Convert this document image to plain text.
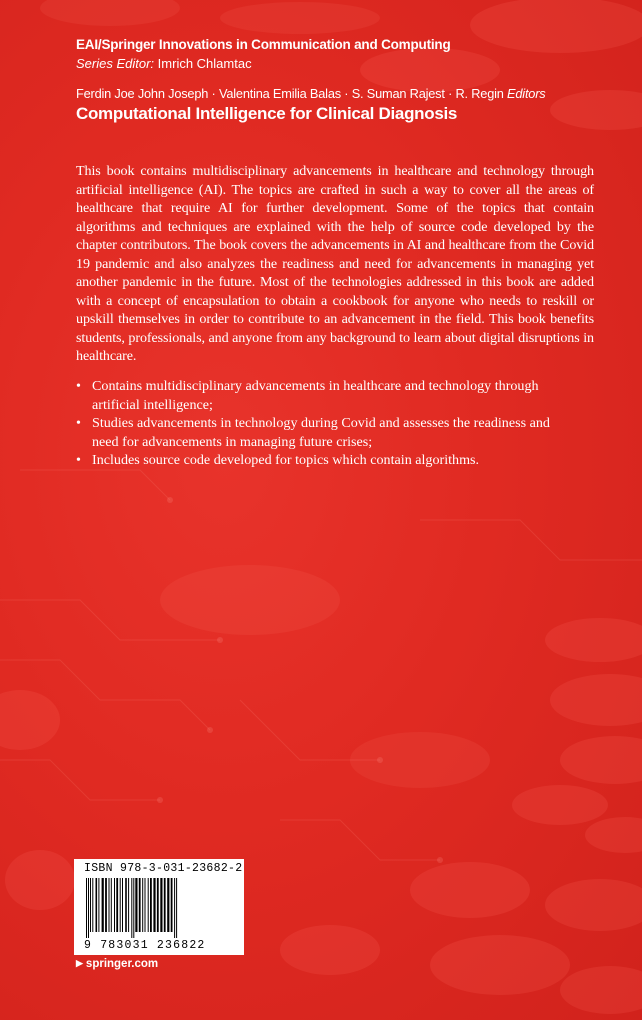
EAI/Springer Innovations in Communication and Computing
Series Editor: Imrich Chlamtac
Ferdin Joe John Joseph · Valentina Emilia Balas · S. Suman Rajest · R. Regin Editors
Computational Intelligence for Clinical Diagnosis

This book contains multidisciplinary advancements in healthcare and technology through artificial intelligence (AI). The topics are crafted in such a way to cover all the areas of healthcare that require AI for further development. Some of the topics that contain algorithms and techniques are explained with the help of source code developed by the chapter contributors. The book covers the advancements in AI and healthcare from the Covid 19 pandemic and also analyzes the readiness and need for advancements in managing yet another pandemic in the future. Most of the technologies addressed in this book are added with a concept of encapsulation to obtain a cookbook for anyone who needs to reskill or upskill themselves in order to contribute to an advancement in the field. This book benefits students, professionals, and anyone from any background to learn about digital disruptions in healthcare.

• Contains multidisciplinary advancements in healthcare and technology through artificial intelligence;
• Studies advancements in technology during Covid and assesses the readiness and need for advancements in managing future crises;
• Includes source code developed for topics which contain algorithms.
ISBN 978-3-031-23682-2
9 783031 236822
▶ springer.com
